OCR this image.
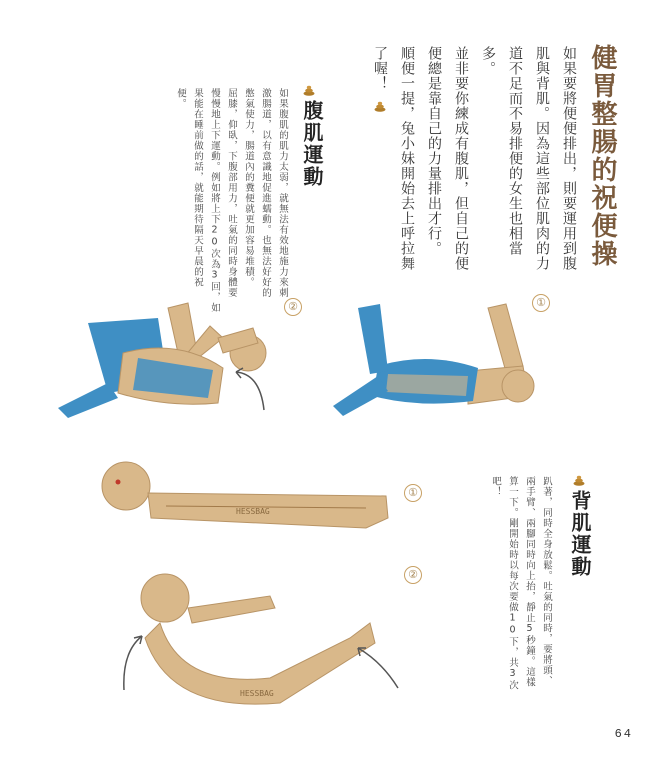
健胃整腸的祝便操
如果要將便便排出，則要運用到腹
肌與背肌。因為這些部位肌肉的力
道不足而不易排便的女生也相當
多。
並非要你練成有腹肌，但自己的便
便總是靠自己的力量排出才行。
順便一提，兔小妹開始去上呼拉舞
了喔！
腹肌運動
如果腹肌的肌力太弱，就無法有效地施力來刺
激腸道，以有意識地促進蠕動。也無法好好的
憋氣使力，腸道內的糞便就更加容易堆積。
屈膝，仰臥，下腹部用力，吐氣的同時身體要
慢慢地上下運動。例如將上下20次為3回，如
果能在睡前做的話，就能期待隔天早晨的祝
便。
背肌運動
趴著，同時全身放鬆。吐氣的同時，要將頭、
兩手臂、兩腳同時向上抬，靜止5秒鐘。這樣
算一下。剛開始時以每次要做10下，共3次
吧！
②	①
①
②
HESSBAG
HESSBAG
64
